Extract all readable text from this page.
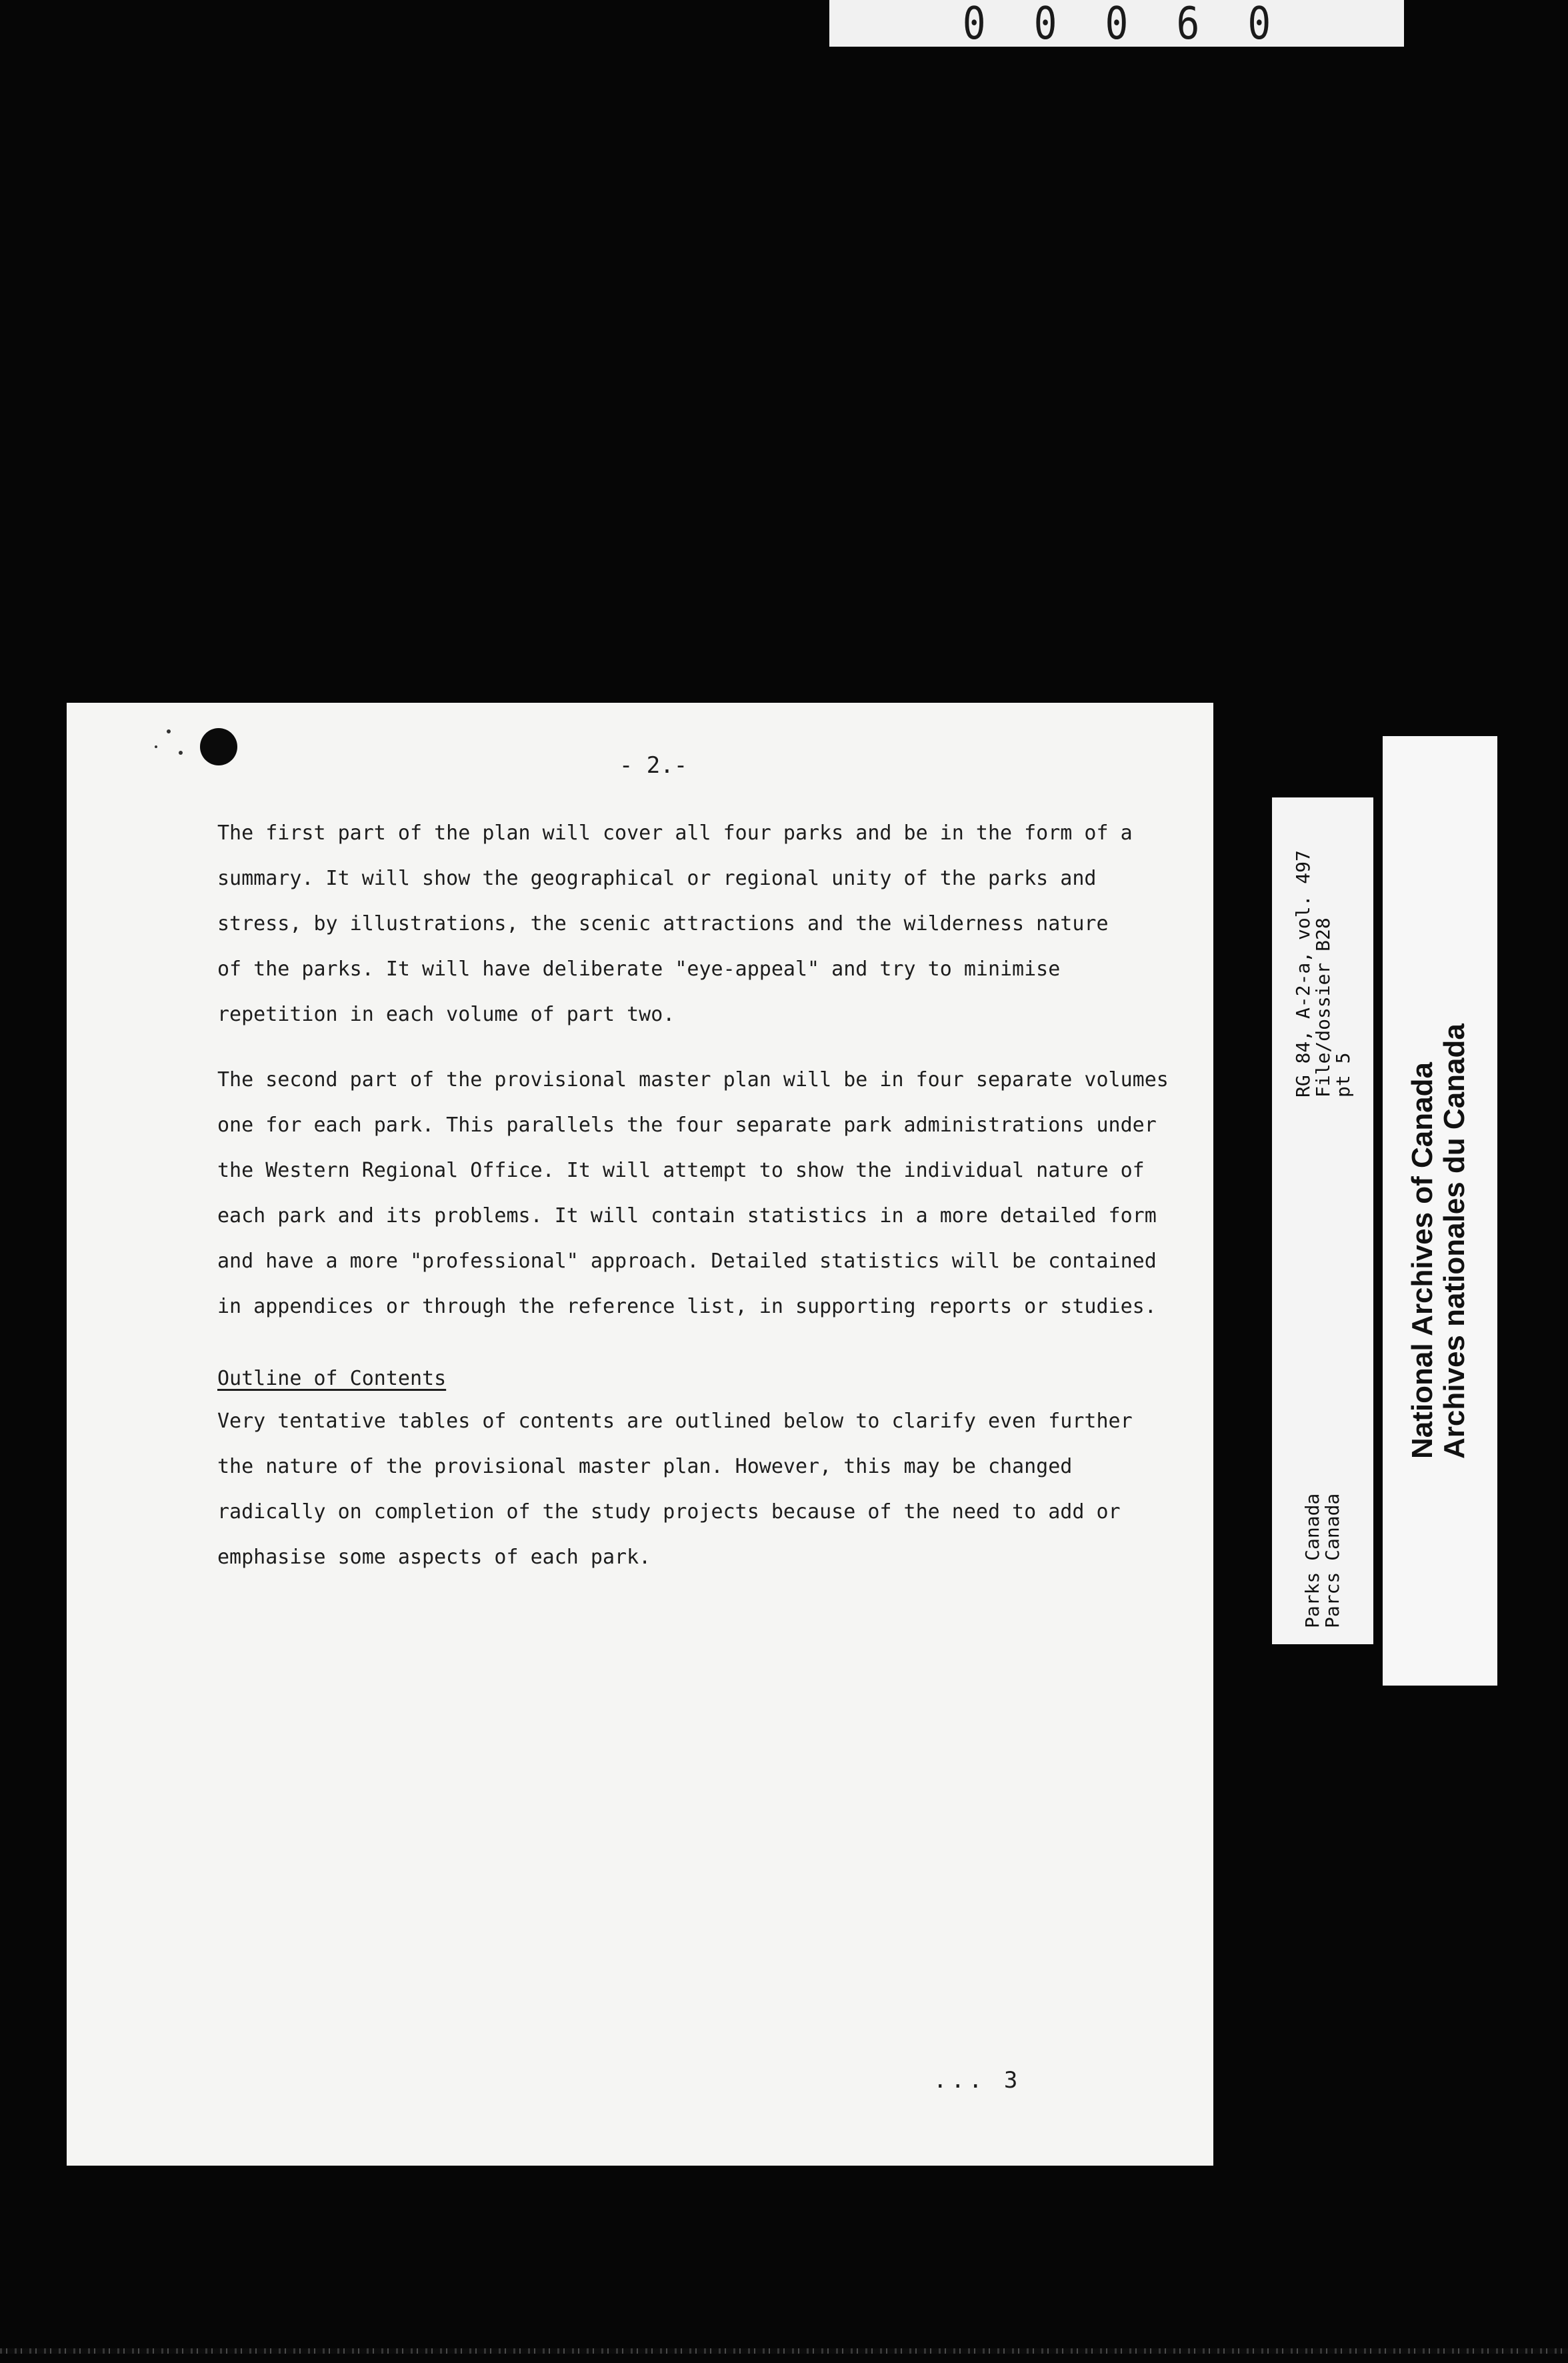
00060
- 2.-

The first part of the plan will cover all four parks and be in the form of a

summary. It will show the geographical or regional unity of the parks and

stress, by illustrations, the scenic attractions and the wilderness nature

of the parks. It will have deliberate "eye-appeal" and try to minimise

repetition in each volume of part two.

The second part of the provisional master plan will be in four separate volumes

one for each park. This parallels the four separate park administrations under

the Western Regional Office. It will attempt to show the individual nature of

each park and its problems. It will contain statistics in a more detailed form

and have a more "professional" approach. Detailed statistics will be contained

in appendices or through the reference list, in supporting reports or studies.

Outline of Contents

Very tentative tables of contents are outlined below to clarify even further

the nature of the provisional master plan. However, this may be changed

radically on completion of the study projects because of the need to add or

emphasise some aspects of each park.

... 3
Parks Canada
Parcs Canada
RG 84, A-2-a, vol. 497
File/dossier B28
pt 5 National Archives of Canada Archives nationales du Canada
